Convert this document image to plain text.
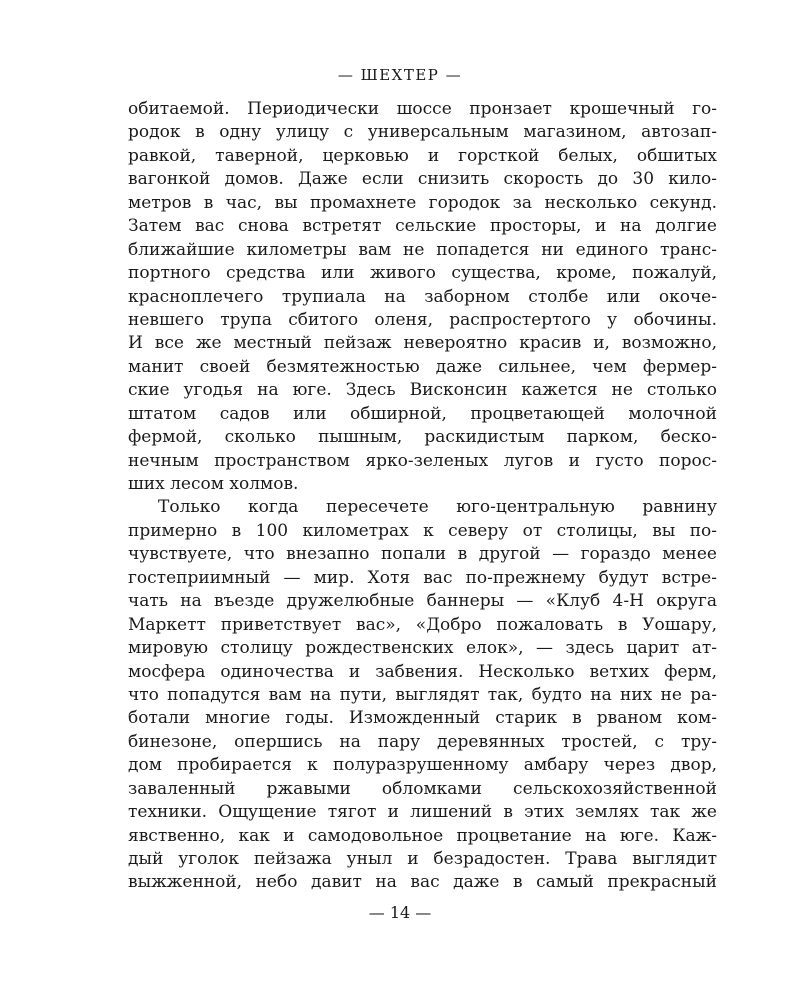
— ШЕХТЕР —
обитаемой. Периодически шоссе пронзает крошечный го-
родок в одну улицу с универсальным магазином, автозап-
равкой, таверной, церковью и горсткой белых, обшитых
вагонкой домов. Даже если снизить скорость до 30 кило-
метров в час, вы промахнете городок за несколько секунд.
Затем вас снова встретят сельские просторы, и на долгие
ближайшие километры вам не попадется ни единого транс-
портного средства или живого существа, кроме, пожалуй,
красноплечего трупиала на заборном столбе или окоче-
невшего трупа сбитого оленя, распростертого у обочины.
И все же местный пейзаж невероятно красив и, возможно,
манит своей безмятежностью даже сильнее, чем фермер-
ские угодья на юге. Здесь Висконсин кажется не столько
штатом садов или обширной, процветающей молочной
фермой, сколько пышным, раскидистым парком, беско-
нечным пространством ярко-зеленых лугов и густо порос-
ших лесом холмов.
Только когда пересечете юго-центральную равнину
примерно в 100 километрах к северу от столицы, вы по-
чувствуете, что внезапно попали в другой — гораздо менее
гостеприимный — мир. Хотя вас по-прежнему будут встре-
чать на въезде дружелюбные баннеры — «Клуб 4-Н округа
Маркетт приветствует вас», «Добро пожаловать в Уошару,
мировую столицу рождественских елок», — здесь царит ат-
мосфера одиночества и забвения. Несколько ветхих ферм,
что попадутся вам на пути, выглядят так, будто на них не ра-
ботали многие годы. Изможденный старик в рваном ком-
бинезоне, опершись на пару деревянных тростей, с тру-
дом пробирается к полуразрушенному амбару через двор,
заваленный ржавыми обломками сельскохозяйственной
техники. Ощущение тягот и лишений в этих землях так же
явственно, как и самодовольное процветание на юге. Каж-
дый уголок пейзажа уныл и безрадостен. Трава выглядит
выжженной, небо давит на вас даже в самый прекрасный
— 14 —
